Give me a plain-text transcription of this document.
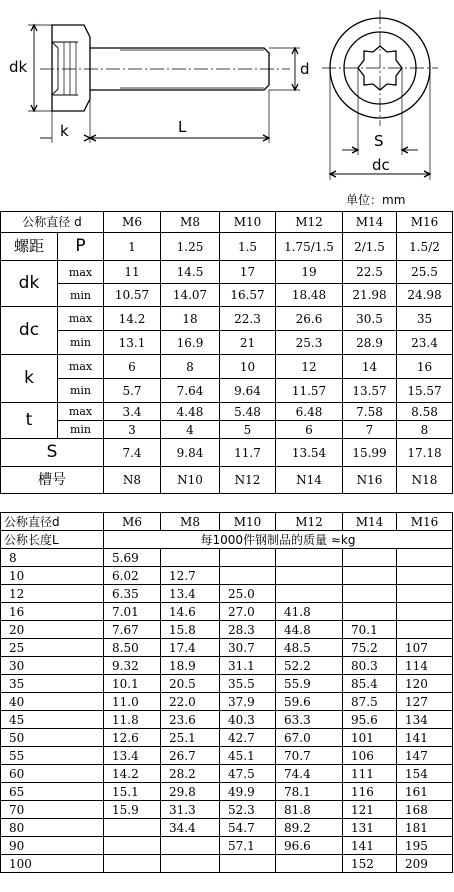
dk
k	L
d
S
dc
单位：mm
公称直径 d		M6	M8	M10	M12	M14	M16
螺距	P	1	1.25	1.5	1.75/1.5	2/1.5	1.5/2
dk	max	11	14.5	17	19	22.5	25.5
	min	10.57	14.07	16.57	18.48	21.98	24.98
dc	max	14.2	18	22.3	26.6	30.5	35
	min	13.1	16.9	21	25.3	28.9	23.4
k	max	6	8	10	12	14	16
	min	5.7	7.64	9.64	11.57	13.57	15.57
t	max	3.4	4.48	5.48	6.48	7.58	8.58
	min	3	4	5	6	7	8
S		7.4	9.84	11.7	13.54	15.99	17.18
槽号		N8	N10	N12	N14	N16	N18
公称直径d	M6	M8	M10	M12	M14	M16
公称长度L	每1000件钢制品的质量 ≈kg					
8	5.69					
10	6.02	12.7				
12	6.35	13.4	25.0			
16	7.01	14.6	27.0	41.8		
20	7.67	15.8	28.3	44.8	70.1	
25	8.50	17.4	30.7	48.5	75.2	107
30	9.32	18.9	31.1	52.2	80.3	114
35	10.1	20.5	35.5	55.9	85.4	120
40	11.0	22.0	37.9	59.6	87.5	127
45	11.8	23.6	40.3	63.3	95.6	134
50	12.6	25.1	42.7	67.0	101	141
55	13.4	26.7	45.1	70.7	106	147
60	14.2	28.2	47.5	74.4	111	154
65	15.1	29.8	49.9	78.1	116	161
70	15.9	31.3	52.3	81.8	121	168
80		34.4	54.7	89.2	131	181
90			57.1	96.6	141	195
100					152	209
